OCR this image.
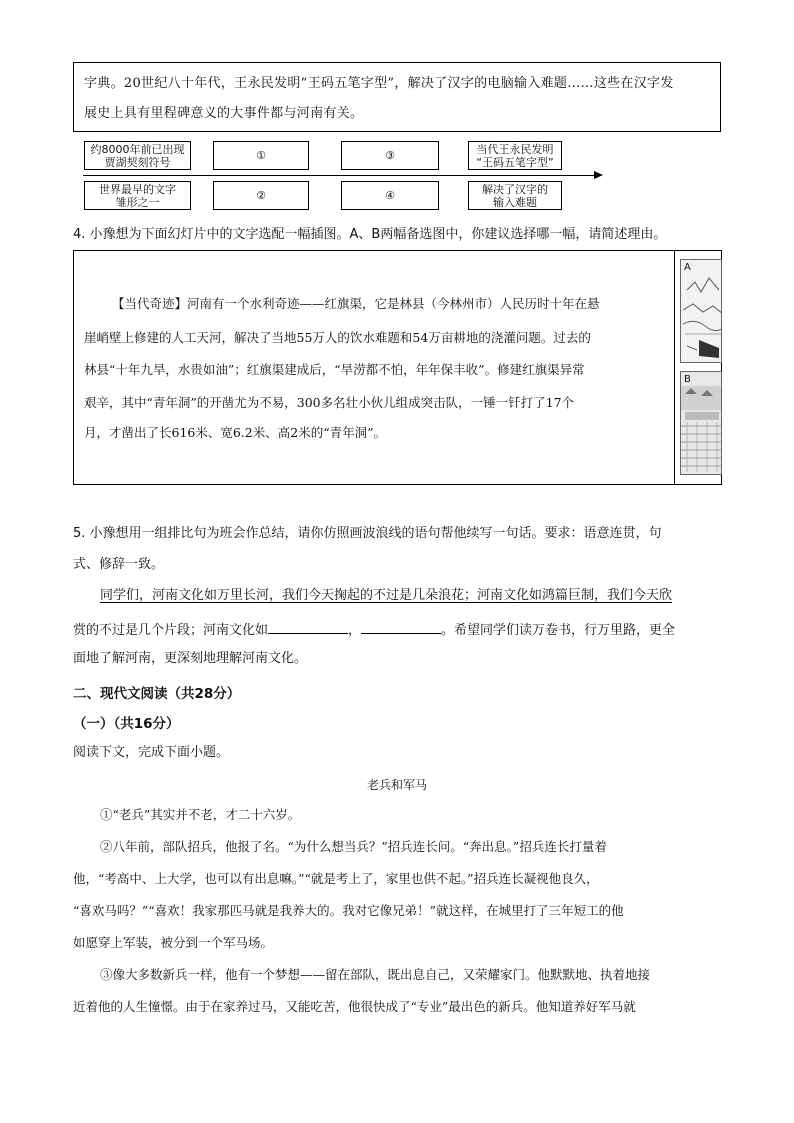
字典。20世纪八十年代，王永民发明“王码五笔字型”，解决了汉字的电脑输入难题……这些在汉字发
展史上具有里程碑意义的大事件都与河南有关。
约8000年前已出现
贾湖契刻符号	①	③	当代王永民发明
“王码五笔字型”
世界最早的文字
雏形之一	②	④	解决了汉字的
输入难题
4. 小豫想为下面幻灯片中的文字选配一幅插图。A、B两幅备选图中，你建议选择哪一幅，请简述理由。
【当代奇迹】河南有一个水利奇迹——红旗渠，它是林县（今林州市）人民历时十年在悬
崖峭壁上修建的人工天河，解决了当地55万人的饮水难题和54万亩耕地的浇灌问题。过去的
林县“十年九旱，水贵如油”；红旗渠建成后，“旱涝都不怕，年年保丰收”。修建红旗渠异常
艰辛，其中“青年洞”的开凿尤为不易，300多名壮小伙儿组成突击队，一锤一钎打了17个
月，才凿出了长616米、宽6.2米、高2米的“青年洞”。
A
B
5. 小豫想用一组排比句为班会作总结，请你仿照画波浪线的语句帮他续写一句话。要求：语意连贯，句
式、修辞一致。
同学们，河南文化如万里长河，我们今天掬起的不过是几朵浪花；河南文化如鸿篇巨制，我们今天欣
赏的不过是几个片段；河南文化如	，	。希望同学们读万卷书，行万里路，更全
面地了解河南，更深刻地理解河南文化。
二、现代文阅读（共28分）
（一）（共16分）
阅读下文，完成下面小题。
老兵和军马
①“老兵”其实并不老，才二十六岁。
②八年前，部队招兵，他报了名。“为什么想当兵？”招兵连长问。“奔出息。”招兵连长打量着
他，“考高中、上大学，也可以有出息嘛。”“就是考上了，家里也供不起。”招兵连长凝视他良久，
“喜欢马吗？”“喜欢！我家那匹马就是我养大的。我对它像兄弟！”就这样，在城里打了三年短工的他
如愿穿上军装，被分到一个军马场。
③像大多数新兵一样，他有一个梦想——留在部队，既出息自己，又荣耀家门。他默默地、执着地接
近着他的人生憧憬。由于在家养过马，又能吃苦，他很快成了“专业”最出色的新兵。他知道养好军马就
